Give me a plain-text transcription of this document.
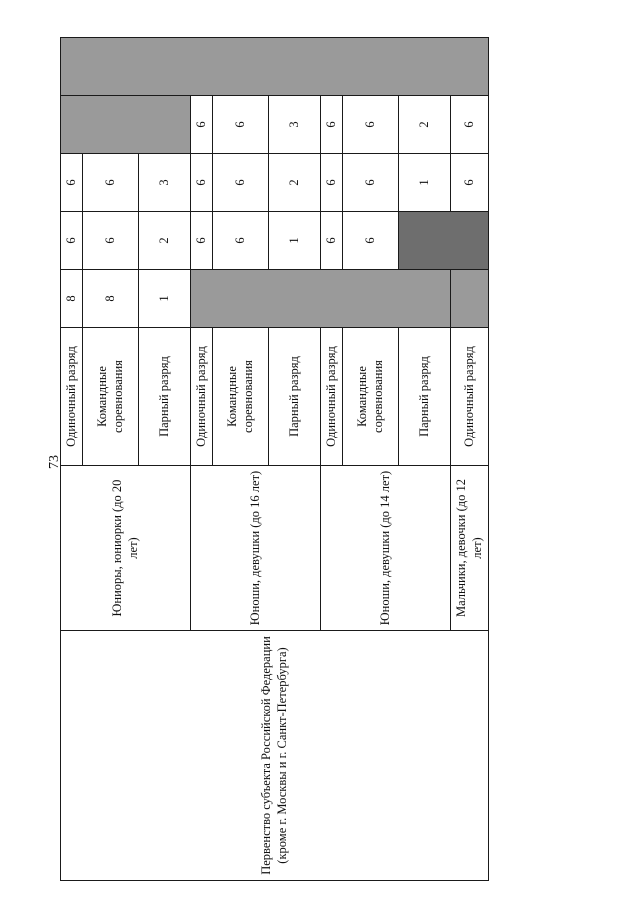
73
Первенство субъекта Российской Федерации (кроме г. Москвы и г. Санкт-Петербурга)	Юниоры, юниорки (до 20 лет)	Одиночный разряд	8	6	6		
		Командные соревнования	8	6	6		
		Парный разряд	1	2	3		
	Юноши, девушки (до 16 лет)	Одиночный разряд		6	6	6	
		Командные соревнования		6	6	6	
		Парный разряд		1	2	3	
	Юноши, девушки (до 14 лет)	Одиночный разряд		6	6	6	
		Командные соревнования		6	6	6	
		Парный разряд			1	2	
	Мальчики, девочки (до 12 лет)	Одиночный разряд			6	6	
